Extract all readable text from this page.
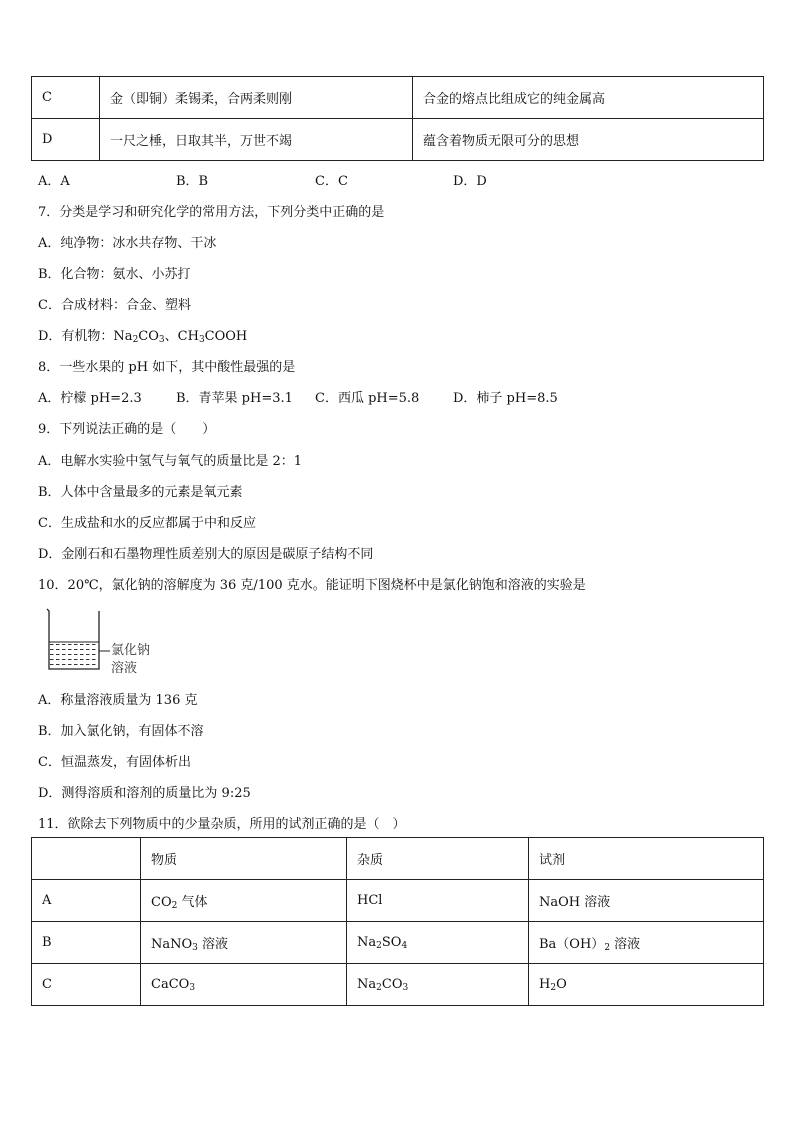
C	金（即铜）柔锡柔，合两柔则刚	合金的熔点比组成它的纯金属高
D	一尺之棰，日取其半，万世不竭	蕴含着物质无限可分的思想
A．A	B．B	C．C	D．D
7．分类是学习和研究化学的常用方法，下列分类中正确的是
A．纯净物：冰水共存物、干冰
B．化合物：氨水、小苏打
C．合成材料：合金、塑料
D．有机物：$Na_2CO_3$、$CH_3COOH$
8．一些水果的 pH 如下，其中酸性最强的是
A．柠檬 pH=2.3	B．青苹果 pH=3.1 C．西瓜 pH=5.8	D．柿子 pH=8.5
9．下列说法正确的是（　　）
A．电解水实验中氢气与氧气的质量比是 2：1
B．人体中含量最多的元素是氧元素
C．生成盐和水的反应都属于中和反应
D．金刚石和石墨物理性质差别大的原因是碳原子结构不同
10．20℃，氯化钠的溶解度为 36 克/100 克水。能证明下图烧杯中是氯化钠饱和溶液的实验是
氯化钠
溶液
A．称量溶液质量为 136 克
B．加入氯化钠，有固体不溶
C．恒温蒸发，有固体析出
D．测得溶质和溶剂的质量比为 9:25
11．欲除去下列物质中的少量杂质，所用的试剂正确的是（　）
	物质	杂质	试剂
A	$CO_2$ 气体	HCl	NaOH 溶液
B	NaNO$_3$ 溶液	$Na_2SO_4$	$Ba(OH)_2$ 溶液
C	CaCO$_3$	$Na_2CO_3$	$H_2O$
